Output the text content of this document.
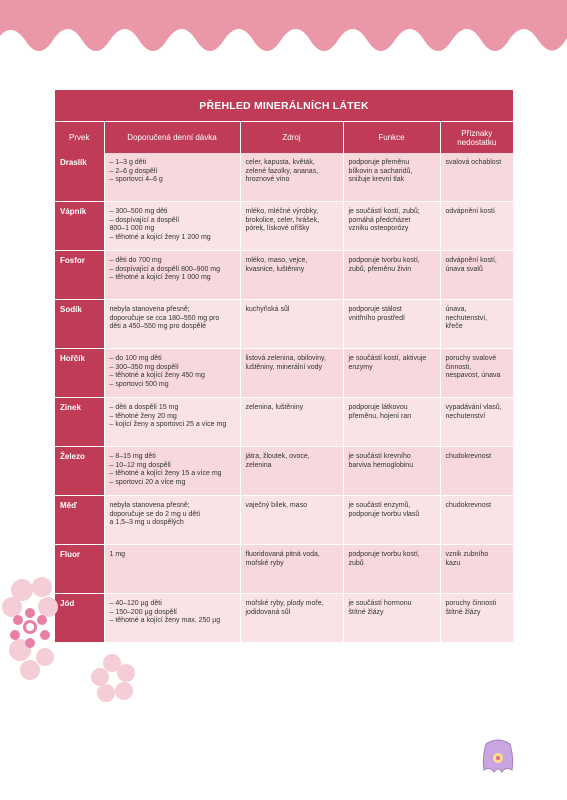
PŘEHLED MINERÁLNÍCH LÁTEK				
Prvek	Doporučená denní dávka	Zdroj	Funkce	Příznaky nedostatku
Draslík	– 1–3 g děti
– 2–6 g dospělí
– sportovci 4–6 g	celer, kapusta, květák,
zelené fazolky, ananas,
hroznové víno	podporuje přeměnu
bílkovin a sacharidů,
snižuje krevní tlak	svalová ochablost

Vápník	– 300–500 mg děti
– dospívající a dospělí
800–1 000 mg
– těhotné a kojící ženy 1 200 mg	mléko, mléčné výrobky,
brokolice, celer, hrášek,
pórek, lískové oříšky	je součástí kostí, zubů;
pomáhá předcházet
vzniku osteoporózy	odvápnění kostí

Fosfor	– děti do 700 mg
– dospívající a dospělí 800–900 mg
– těhotné a kojící ženy 1 000 mg	mléko, maso, vejce,
kvasnice, luštěniny	podporuje tvorbu kostí,
zubů, přeměnu živin	odvápnění kostí,
únava svalů

Sodík	nebyla stanovena přesně;
doporučuje se cca 180–550 mg pro
děti a 450–550 mg pro dospělé	kuchyňská sůl	podporuje stálost
vnitřního prostředí	únava,
nechutenství,
křeče

Hořčík	– do 100 mg děti
– 300–350 mg dospělí
– těhotné a kojící ženy 450 mg
– sportovci 500 mg	listová zelenina, obiloviny,
luštěniny, minerální vody	je součástí kostí, aktivuje
enzymy	poruchy svalové
činnosti,
nespavost, únava

Zinek	– děti a dospělí 15 mg
– těhotné ženy 20 mg
– kojící ženy a sportovci 25 a více mg	zelenina, luštěniny	podporuje látkovou
přeměnu, hojení ran	vypadávání vlasů,
nechutenství

Železo	– 8–15 mg děti
– 10–12 mg dospělí
– těhotné a kojící ženy 15 a více mg
– sportovci 20 a více mg	játra, žloutek, ovoce,
zelenina	je součástí krevního
barviva hemoglobinu	chudokrevnost

Měď	nebyla stanovena přesně;
doporučuje se do 2 mg u dětí
a 1,5–3 mg u dospělých	vaječný bílek, maso	je součástí enzymů,
podporuje tvorbu vlasů	chudokrevnost

Fluor	1 mg	fluoridovaná pitná voda,
mořské ryby	podporuje tvorbu kostí,
zubů	vznik zubního
kazu

Jód	– 40–120 µg děti
– 150–200 µg dospělí
– těhotné a kojící ženy max. 250 µg	mořské ryby, plody moře,
jodidovaná sůl	je součástí hormonu
štítné žlázy	poruchy činnosti
štítné žlázy
